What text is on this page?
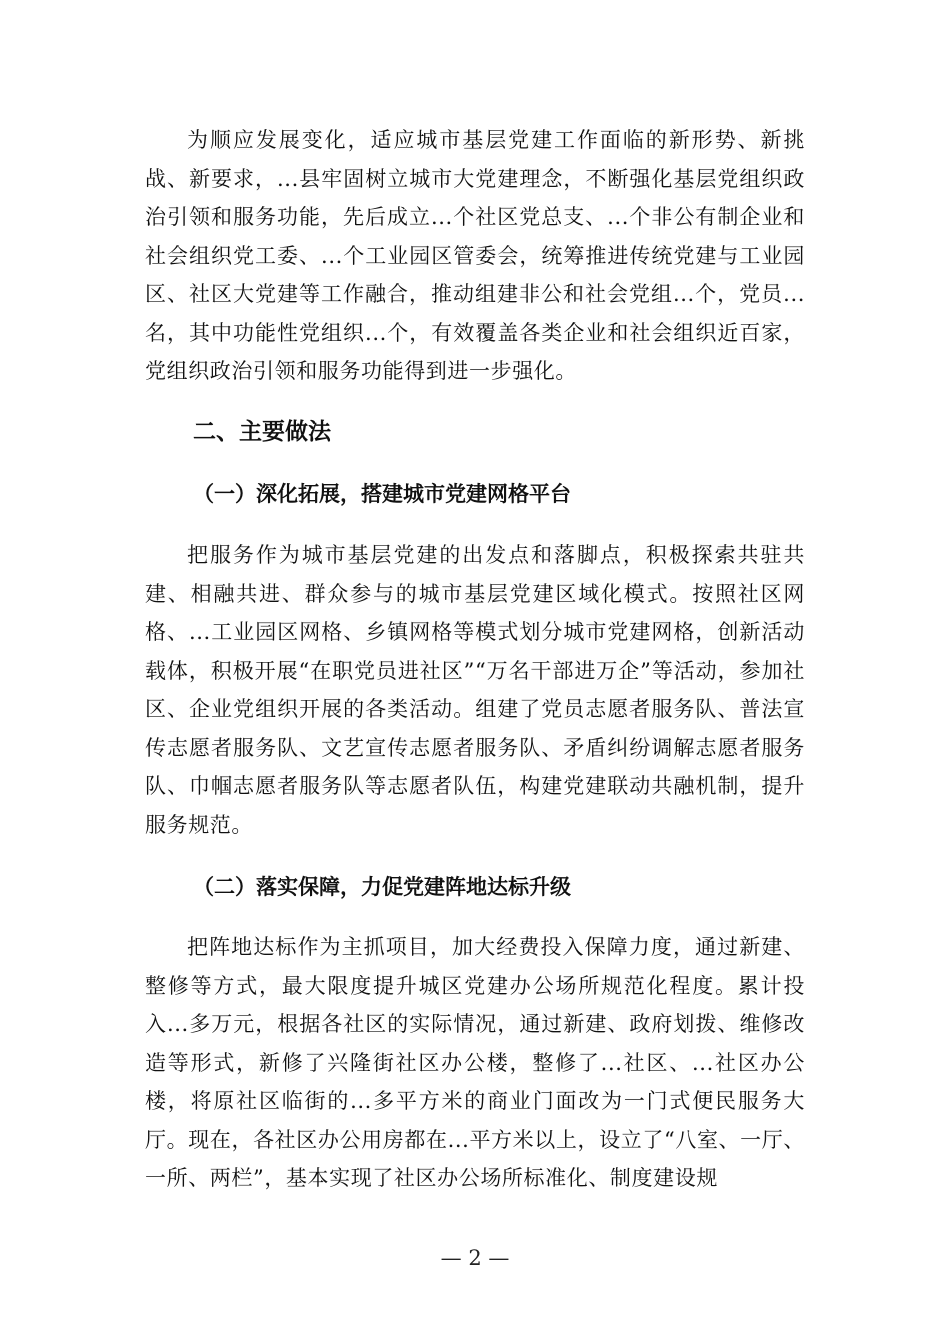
为顺应发展变化，适应城市基层党建工作面临的新形势、新挑战、新要求，...县牢固树立城市大党建理念，不断强化基层党组织政治引领和服务功能，先后成立...个社区党总支、...个非公有制企业和社会组织党工委、...个工业园区管委会，统筹推进传统党建与工业园区、社区大党建等工作融合，推动组建非公和社会党组...个，党员...名，其中功能性党组织...个，有效覆盖各类企业和社会组织近百家，党组织政治引领和服务功能得到进一步强化。

二、主要做法
（一）深化拓展，搭建城市党建网格平台

把服务作为城市基层党建的出发点和落脚点，积极探索共驻共建、相融共进、群众参与的城市基层党建区域化模式。按照社区网格、...工业园区网格、乡镇网格等模式划分城市党建网格，创新活动载体，积极开展“在职党员进社区”“万名干部进万企”等活动，参加社区、企业党组织开展的各类活动。组建了党员志愿者服务队、普法宣传志愿者服务队、文艺宣传志愿者服务队、矛盾纠纷调解志愿者服务队、巾帼志愿者服务队等志愿者队伍，构建党建联动共融机制，提升服务规范。

（二）落实保障，力促党建阵地达标升级

把阵地达标作为主抓项目，加大经费投入保障力度，通过新建、整修等方式，最大限度提升城区党建办公场所规范化程度。累计投入...多万元，根据各社区的实际情况，通过新建、政府划拨、维修改造等形式，新修了兴隆街社区办公楼，整修了...社区、...社区办公楼，将原社区临街的...多平方米的商业门面改为一门式便民服务大厅。现在，各社区办公用房都在...平方米以上，设立了“八室、一厅、一所、两栏”，基本实现了社区办公场所标准化、制度建设规

— 2 —
